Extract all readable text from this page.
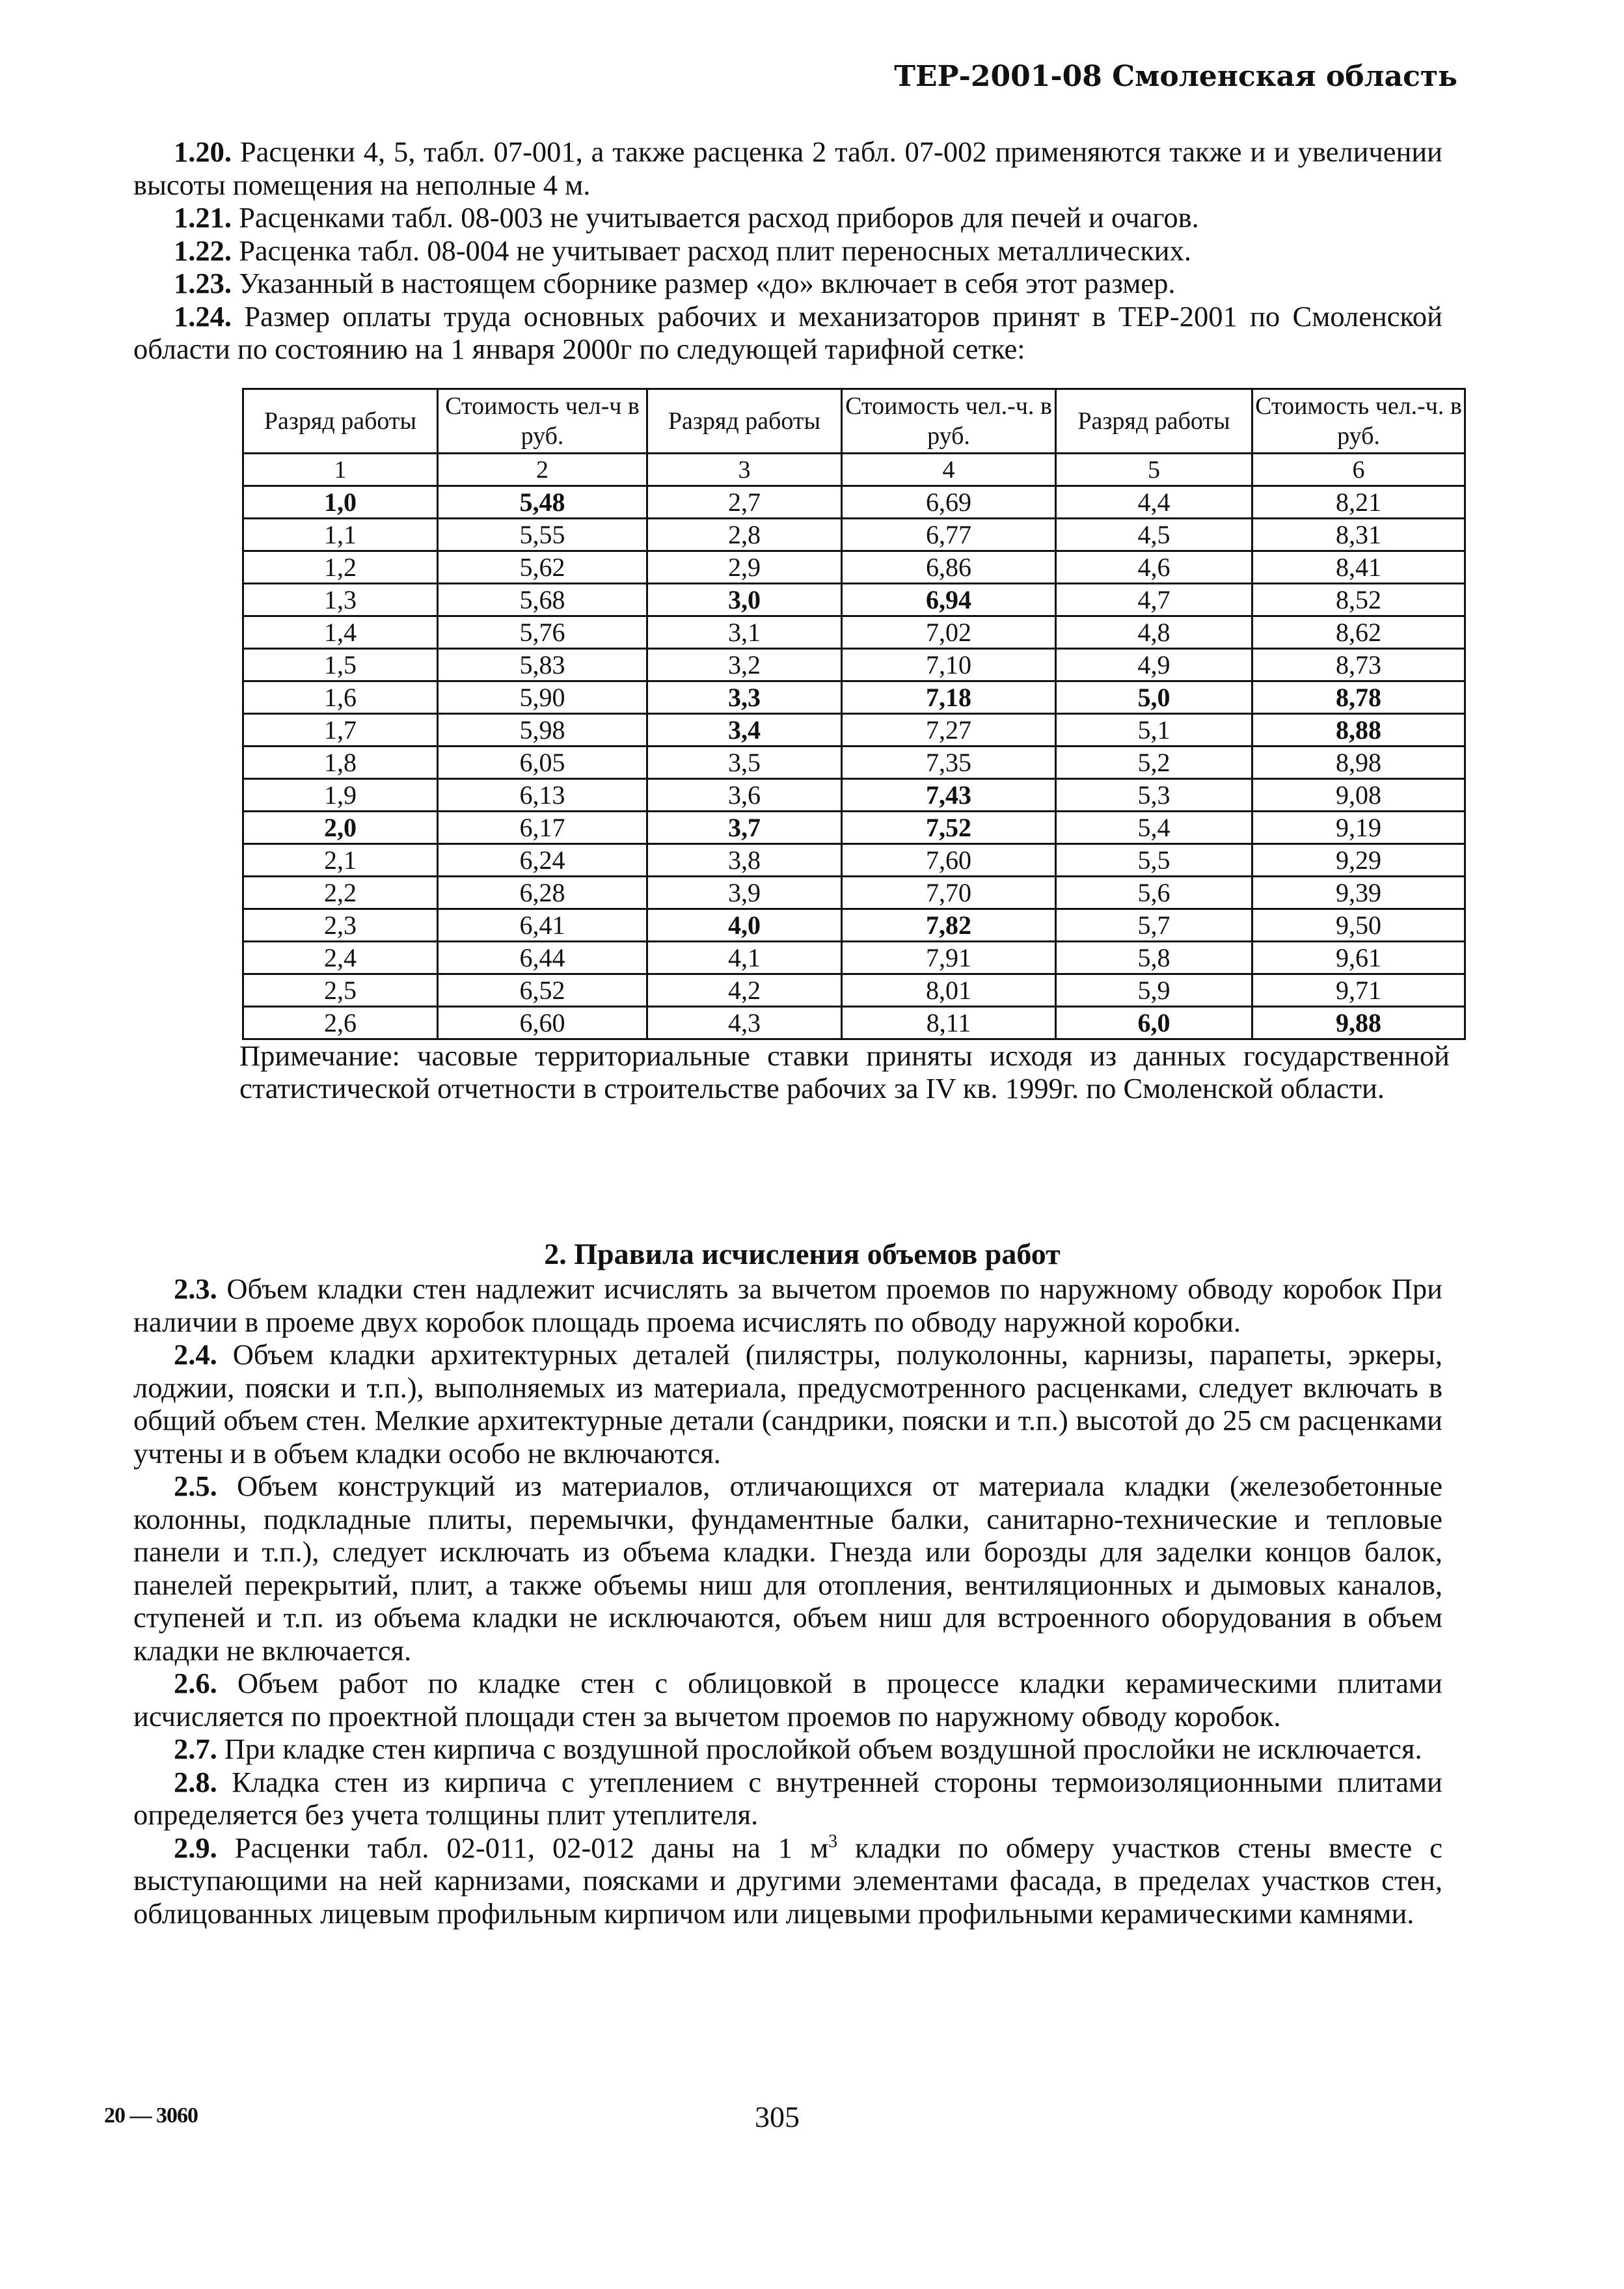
ТЕР-2001-08 Смоленская область

1.20. Расценки 4, 5, табл. 07-001, а также расценка 2 табл. 07-002 применяются также и и увеличении высоты помещения на неполные 4 м.

1.21. Расценками табл. 08-003 не учитывается расход приборов для печей и очагов.

1.22. Расценка табл. 08-004 не учитывает расход плит переносных металлических.

1.23. Указанный в настоящем сборнике размер «до» включает в себя этот размер.

1.24. Размер оплаты труда основных рабочих и механизаторов принят в ТЕР-2001 по Смоленской области по состоянию на 1 января 2000г по следующей тарифной сетке:

Разряд работы	Стоимость чел-ч в руб.	Разряд работы	Стоимость чел.-ч. в руб.	Разряд работы	Стоимость чел.-ч. в руб.
1	2	3	4	5	6
1,0	5,48	2,7	6,69	4,4	8,21
1,1	5,55	2,8	6,77	4,5	8,31
1,2	5,62	2,9	6,86	4,6	8,41
1,3	5,68	3,0	6,94	4,7	8,52
1,4	5,76	3,1	7,02	4,8	8,62
1,5	5,83	3,2	7,10	4,9	8,73
1,6	5,90	3,3	7,18	5,0	8,78
1,7	5,98	3,4	7,27	5,1	8,88
1,8	6,05	3,5	7,35	5,2	8,98
1,9	6,13	3,6	7,43	5,3	9,08
2,0	6,17	3,7	7,52	5,4	9,19
2,1	6,24	3,8	7,60	5,5	9,29
2,2	6,28	3,9	7,70	5,6	9,39
2,3	6,41	4,0	7,82	5,7	9,50
2,4	6,44	4,1	7,91	5,8	9,61
2,5	6,52	4,2	8,01	5,9	9,71
2,6	6,60	4,3	8,11	6,0	9,88
Примечание: часовые территориальные ставки приняты исходя из данных государственной статистической отчетности в строительстве рабочих за IV кв. 1999г. по Смоленской области.
2. Правила исчисления объемов работ

2.3. Объем кладки стен надлежит исчислять за вычетом проемов по наружному обводу коробок При наличии в проеме двух коробок площадь проема исчислять по обводу наружной коробки.

2.4. Объем кладки архитектурных деталей (пилястры, полуколонны, карнизы, парапеты, эркеры, лоджии, пояски и т.п.), выполняемых из материала, предусмотренного расценками, следует включать в общий объем стен. Мелкие архитектурные детали (сандрики, пояски и т.п.) высотой до 25 см расценками учтены и в объем кладки особо не включаются.

2.5. Объем конструкций из материалов, отличающихся от материала кладки (железобетонные колонны, подкладные плиты, перемычки, фундаментные балки, санитарно-технические и тепловые панели и т.п.), следует исключать из объема кладки. Гнезда или борозды для заделки концов балок, панелей перекрытий, плит, а также объемы ниш для отопления, вентиляционных и дымовых каналов, ступеней и т.п. из объема кладки не исключаются, объем ниш для встроенного оборудования в объем кладки не включается.

2.6. Объем работ по кладке стен с облицовкой в процессе кладки керамическими плитами исчисляется по проектной площади стен за вычетом проемов по наружному обводу коробок.

2.7. При кладке стен кирпича с воздушной прослойкой объем воздушной прослойки не исключается.

2.8. Кладка стен из кирпича с утеплением с внутренней стороны термоизоляционными плитами определяется без учета толщины плит утеплителя.

2.9. Расценки табл. 02-011, 02-012 даны на 1 $м^3$ кладки по обмеру участков стены вместе с выступающими на ней карнизами, поясками и другими элементами фасада, в пределах участков стен, облицованных лицевым профильным кирпичом или лицевыми профильными керамическими камнями.

20 — 3060	305
